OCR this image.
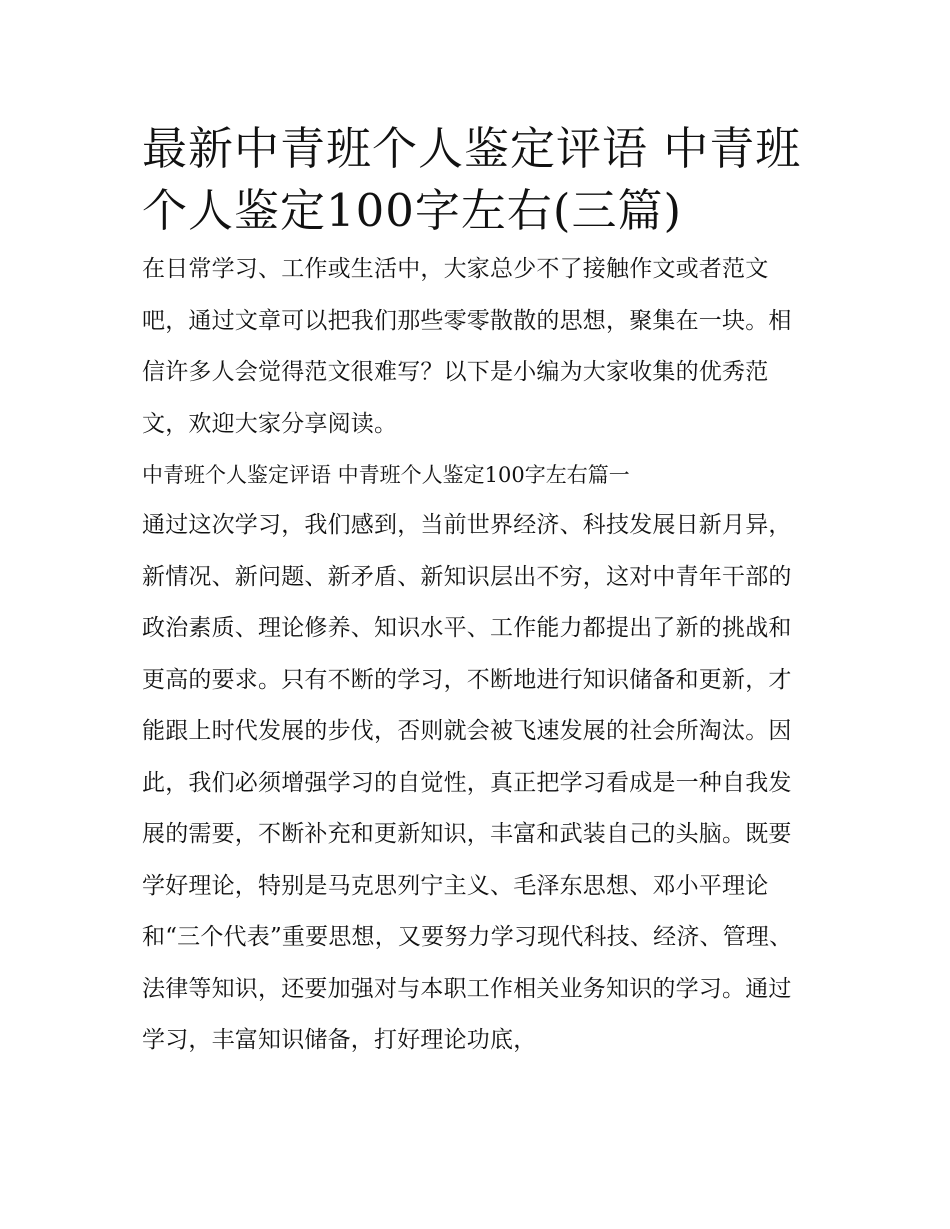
最新中青班个人鉴定评语 中青班个人鉴定100字左右(三篇)

在日常学习、工作或生活中，大家总少不了接触作文或者范文吧，通过文章可以把我们那些零零散散的思想，聚集在一块。相信许多人会觉得范文很难写？以下是小编为大家收集的优秀范文，欢迎大家分享阅读。

中青班个人鉴定评语 中青班个人鉴定100字左右篇一

通过这次学习，我们感到，当前世界经济、科技发展日新月异，新情况、新问题、新矛盾、新知识层出不穷，这对中青年干部的政治素质、理论修养、知识水平、工作能力都提出了新的挑战和更高的要求。只有不断的学习，不断地进行知识储备和更新，才能跟上时代发展的步伐，否则就会被飞速发展的社会所淘汰。因此，我们必须增强学习的自觉性，真正把学习看成是一种自我发展的需要，不断补充和更新知识，丰富和武装自己的头脑。既要学好理论，特别是马克思列宁主义、毛泽东思想、邓小平理论和“三个代表”重要思想，又要努力学习现代科技、经济、管理、法律等知识，还要加强对与本职工作相关业务知识的学习。通过学习，丰富知识储备，打好理论功底，
